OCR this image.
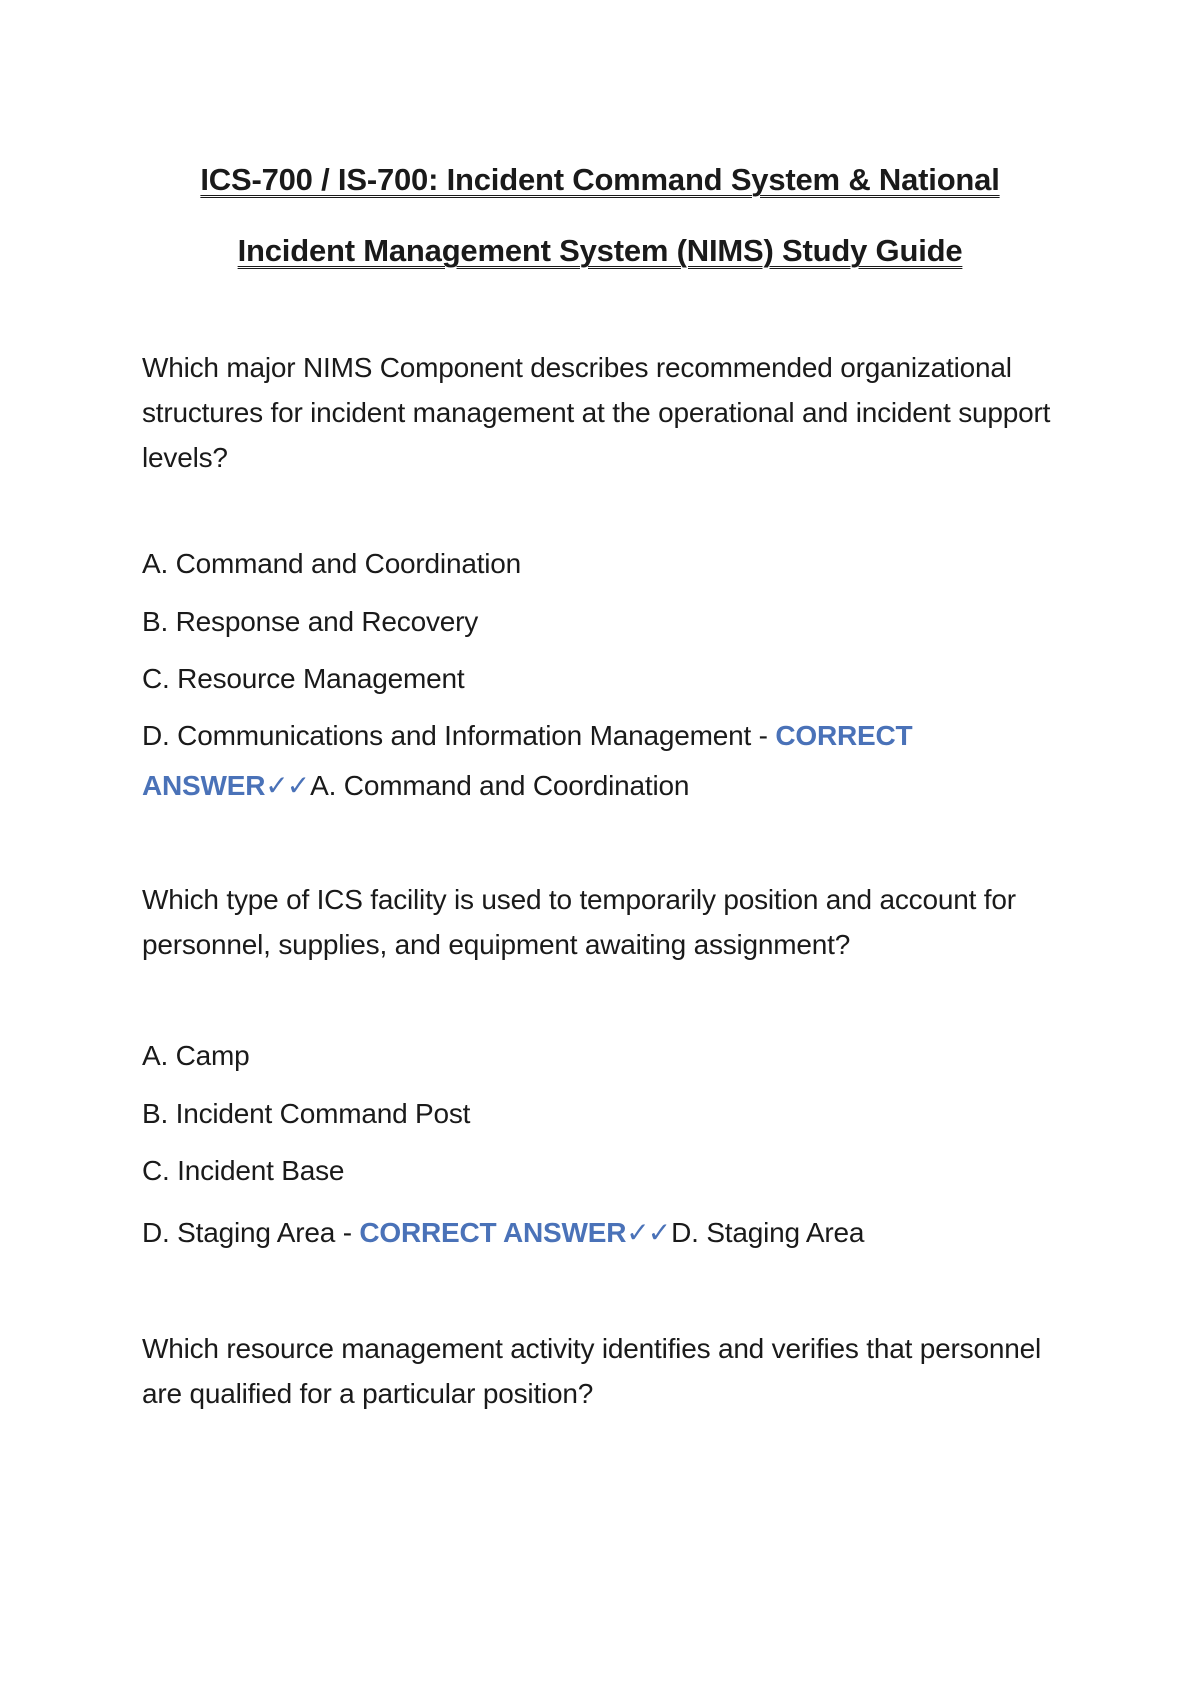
ICS-700 / IS-700: Incident Command System & National
Incident Management System (NIMS) Study Guide
Which major NIMS Component describes recommended organizational structures for incident management at the operational and incident support levels?
A. Command and Coordination
B. Response and Recovery
C. Resource Management
D. Communications and Information Management - CORRECT ANSWER✓✓A. Command and Coordination
Which type of ICS facility is used to temporarily position and account for personnel, supplies, and equipment awaiting assignment?
A. Camp
B. Incident Command Post
C. Incident Base
D. Staging Area - CORRECT ANSWER✓✓D. Staging Area
Which resource management activity identifies and verifies that personnel are qualified for a particular position?
